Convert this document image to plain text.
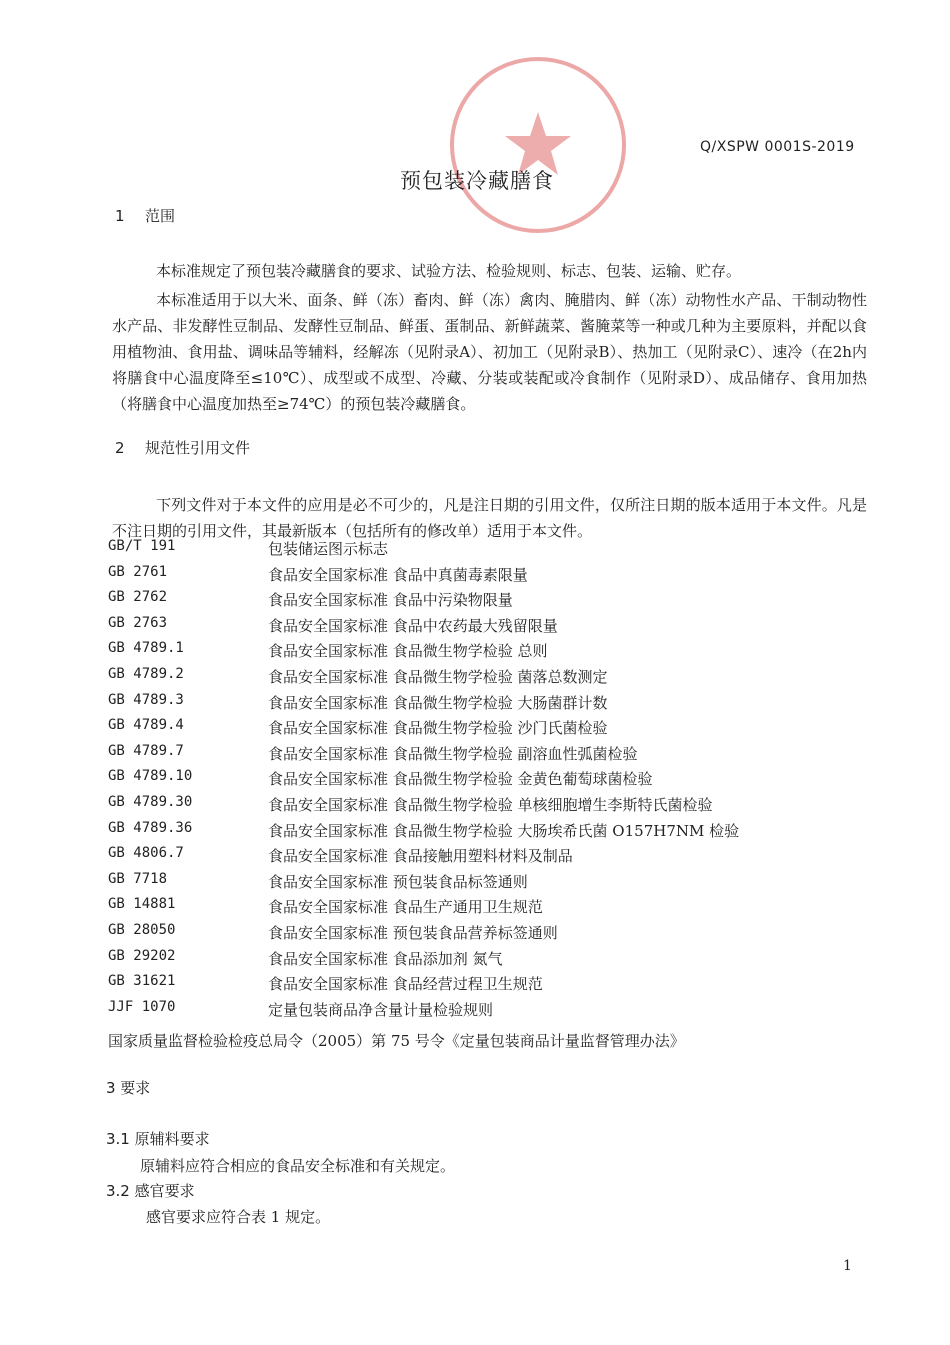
Q/XSPW 0001S-2019
预包装冷藏膳食
1 范围
本标准规定了预包装冷藏膳食的要求、试验方法、检验规则、标志、包装、运输、贮存。
本标准适用于以大米、面条、鲜（冻）畜肉、鲜（冻）禽肉、腌腊肉、鲜（冻）动物性水产品、干制动物性水产品、非发酵性豆制品、发酵性豆制品、鲜蛋、蛋制品、新鲜蔬菜、酱腌菜等一种或几种为主要原料，并配以食用植物油、食用盐、调味品等辅料，经解冻（见附录A）、初加工（见附录B）、热加工（见附录C）、速冷（在2h内将膳食中心温度降至≤10℃）、成型或不成型、冷藏、分装或装配或冷食制作（见附录D）、成品储存、食用加热（将膳食中心温度加热至≥74℃）的预包装冷藏膳食。
2 规范性引用文件
下列文件对于本文件的应用是必不可少的，凡是注日期的引用文件，仅所注日期的版本适用于本文件。凡是不注日期的引用文件，其最新版本（包括所有的修改单）适用于本文件。
GB/T 191	包装储运图示标志
GB 2761	食品安全国家标准 食品中真菌毒素限量
GB 2762	食品安全国家标准 食品中污染物限量
GB 2763	食品安全国家标准 食品中农药最大残留限量
GB 4789.1	食品安全国家标准 食品微生物学检验 总则
GB 4789.2	食品安全国家标准 食品微生物学检验 菌落总数测定
GB 4789.3	食品安全国家标准 食品微生物学检验 大肠菌群计数
GB 4789.4	食品安全国家标准 食品微生物学检验 沙门氏菌检验
GB 4789.7	食品安全国家标准 食品微生物学检验 副溶血性弧菌检验
GB 4789.10	食品安全国家标准 食品微生物学检验 金黄色葡萄球菌检验
GB 4789.30	食品安全国家标准 食品微生物学检验 单核细胞增生李斯特氏菌检验
GB 4789.36	食品安全国家标准 食品微生物学检验 大肠埃希氏菌 O157H7NM 检验
GB 4806.7	食品安全国家标准 食品接触用塑料材料及制品
GB 7718	食品安全国家标准 预包装食品标签通则
GB 14881	食品安全国家标准 食品生产通用卫生规范
GB 28050	食品安全国家标准 预包装食品营养标签通则
GB 29202	食品安全国家标准 食品添加剂 氮气
GB 31621	食品安全国家标准 食品经营过程卫生规范
JJF 1070	定量包装商品净含量计量检验规则
国家质量监督检验检疫总局令（2005）第 75 号令《定量包装商品计量监督管理办法》
3 要求
3.1 原辅料要求
原辅料应符合相应的食品安全标准和有关规定。
3.2 感官要求
感官要求应符合表 1 规定。
1
